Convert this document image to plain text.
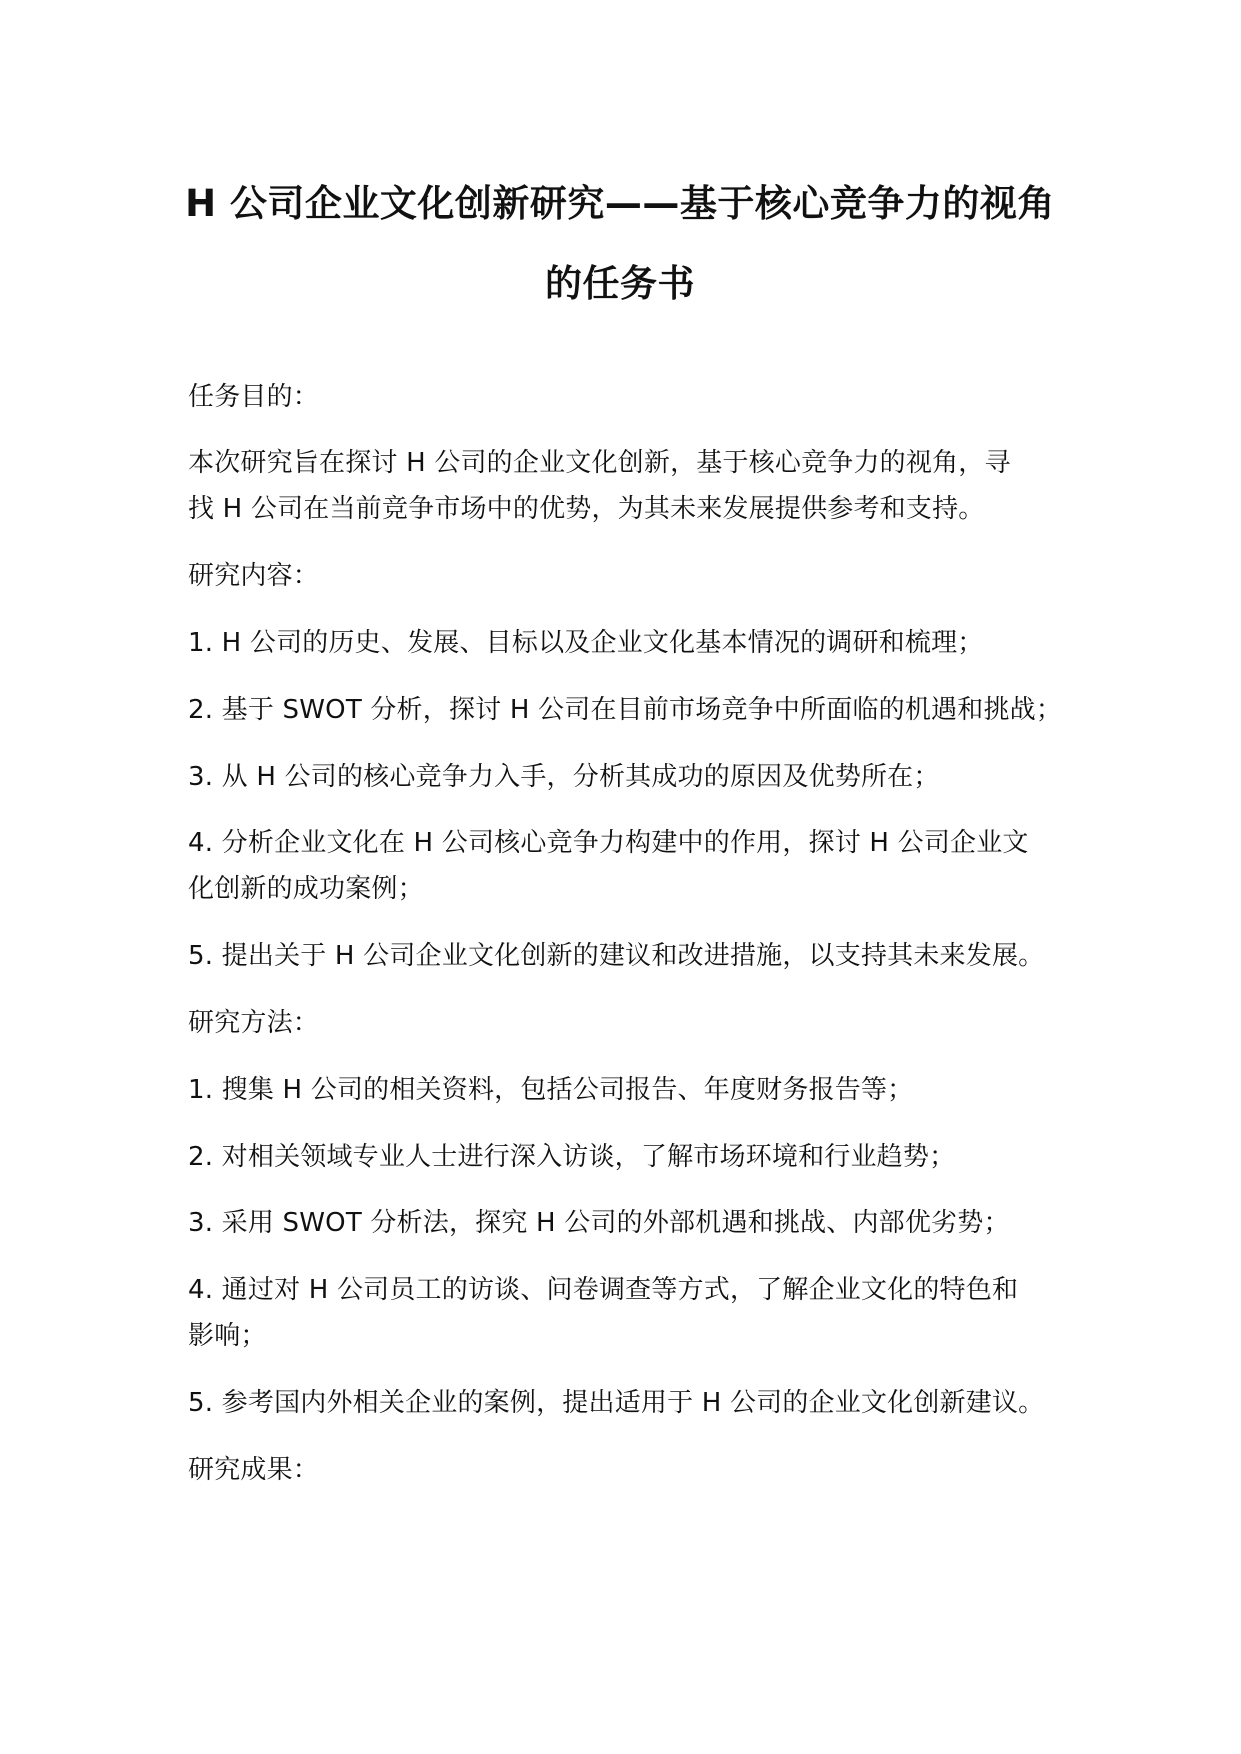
H 公司企业文化创新研究——基于核心竞争力的视角
的任务书
任务目的：
本次研究旨在探讨 H 公司的企业文化创新，基于核心竞争力的视角，寻
找 H 公司在当前竞争市场中的优势，为其未来发展提供参考和支持。
研究内容：
1. H 公司的历史、发展、目标以及企业文化基本情况的调研和梳理；
2. 基于 SWOT 分析，探讨 H 公司在目前市场竞争中所面临的机遇和挑战；
3. 从 H 公司的核心竞争力入手，分析其成功的原因及优势所在；
4. 分析企业文化在 H 公司核心竞争力构建中的作用，探讨 H 公司企业文
化创新的成功案例；
5. 提出关于 H 公司企业文化创新的建议和改进措施，以支持其未来发展。
研究方法：
1. 搜集 H 公司的相关资料，包括公司报告、年度财务报告等；
2. 对相关领域专业人士进行深入访谈，了解市场环境和行业趋势；
3. 采用 SWOT 分析法，探究 H 公司的外部机遇和挑战、内部优劣势；
4. 通过对 H 公司员工的访谈、问卷调查等方式，了解企业文化的特色和
影响；
5. 参考国内外相关企业的案例，提出适用于 H 公司的企业文化创新建议。
研究成果：
